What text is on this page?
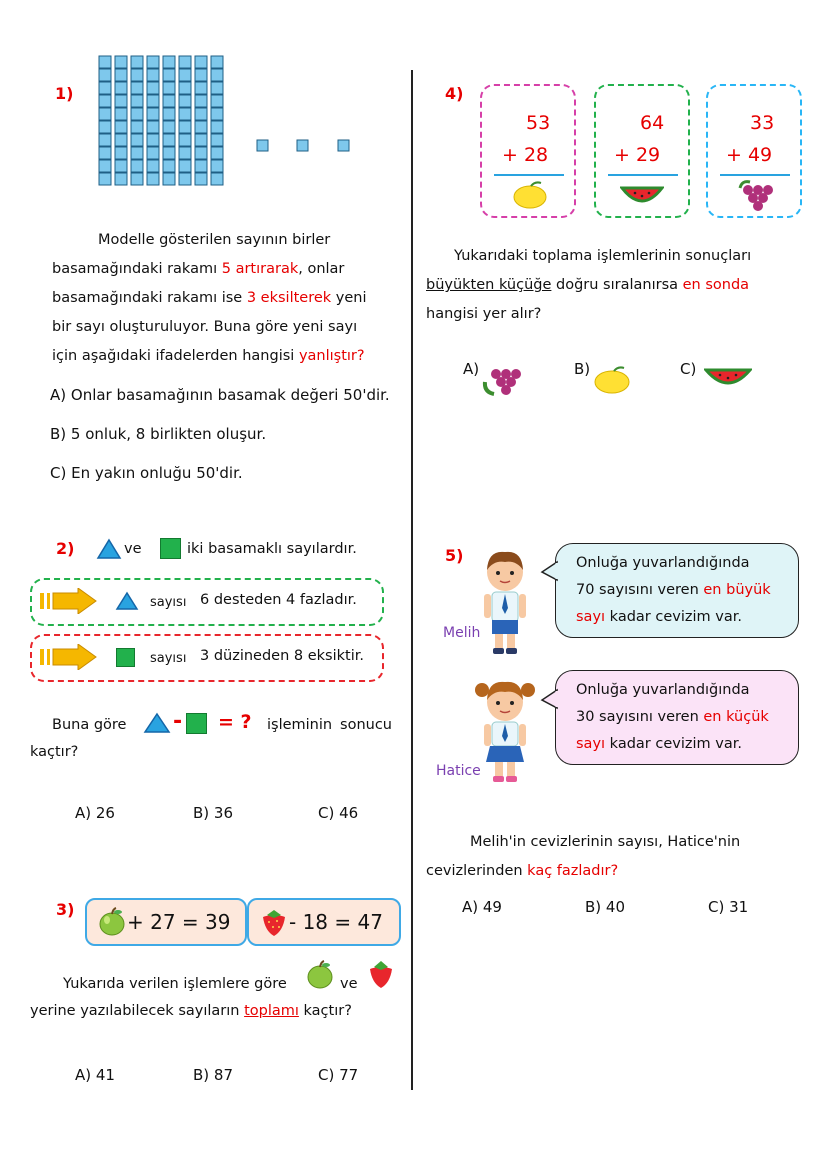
1)
Modelle gösterilen sayının birler
basamağındaki rakamı 5 artırarak, onlar
basamağındaki rakamı ise 3 eksilterek yeni
bir sayı oluşturuluyor. Buna göre yeni sayı
için aşağıdaki ifadelerden hangisi yanlıştır?
A) Onlar basamağının basamak değeri 50'dir.
B) 5 onluk, 8 birlikten oluşur.
C) En yakın onluğu 50'dir.
2)	ve	iki basamaklı sayılardır.
sayısı 6 desteden 4 fazladır.
sayısı 3 düzineden 8 eksiktir.
Buna göre - = ? işleminin sonucu
kaçtır?
A) 26	B) 36	C) 46
3)
+ 27 = 39	- 18 = 47
Yukarıda verilen işlemlere göre	ve
yerine yazılabilecek sayıların toplamı kaçtır?
A) 41	B) 87	C) 77
4)
53
+ 28
64
+ 29
33
+ 49
Yukarıdaki toplama işlemlerinin sonuçları
büyükten küçüğe doğru sıralanırsa en sonda
hangisi yer alır?
A)	B)	C)
5)
Melih
Onluğa yuvarlandığında
70 sayısını veren en büyük
sayı kadar cevizim var.
Hatice
Onluğa yuvarlandığında
30 sayısını veren en küçük
sayı kadar cevizim var.
Melih'in cevizlerinin sayısı, Hatice'nin
cevizlerinden kaç fazladır?
A) 49	B) 40	C) 31
